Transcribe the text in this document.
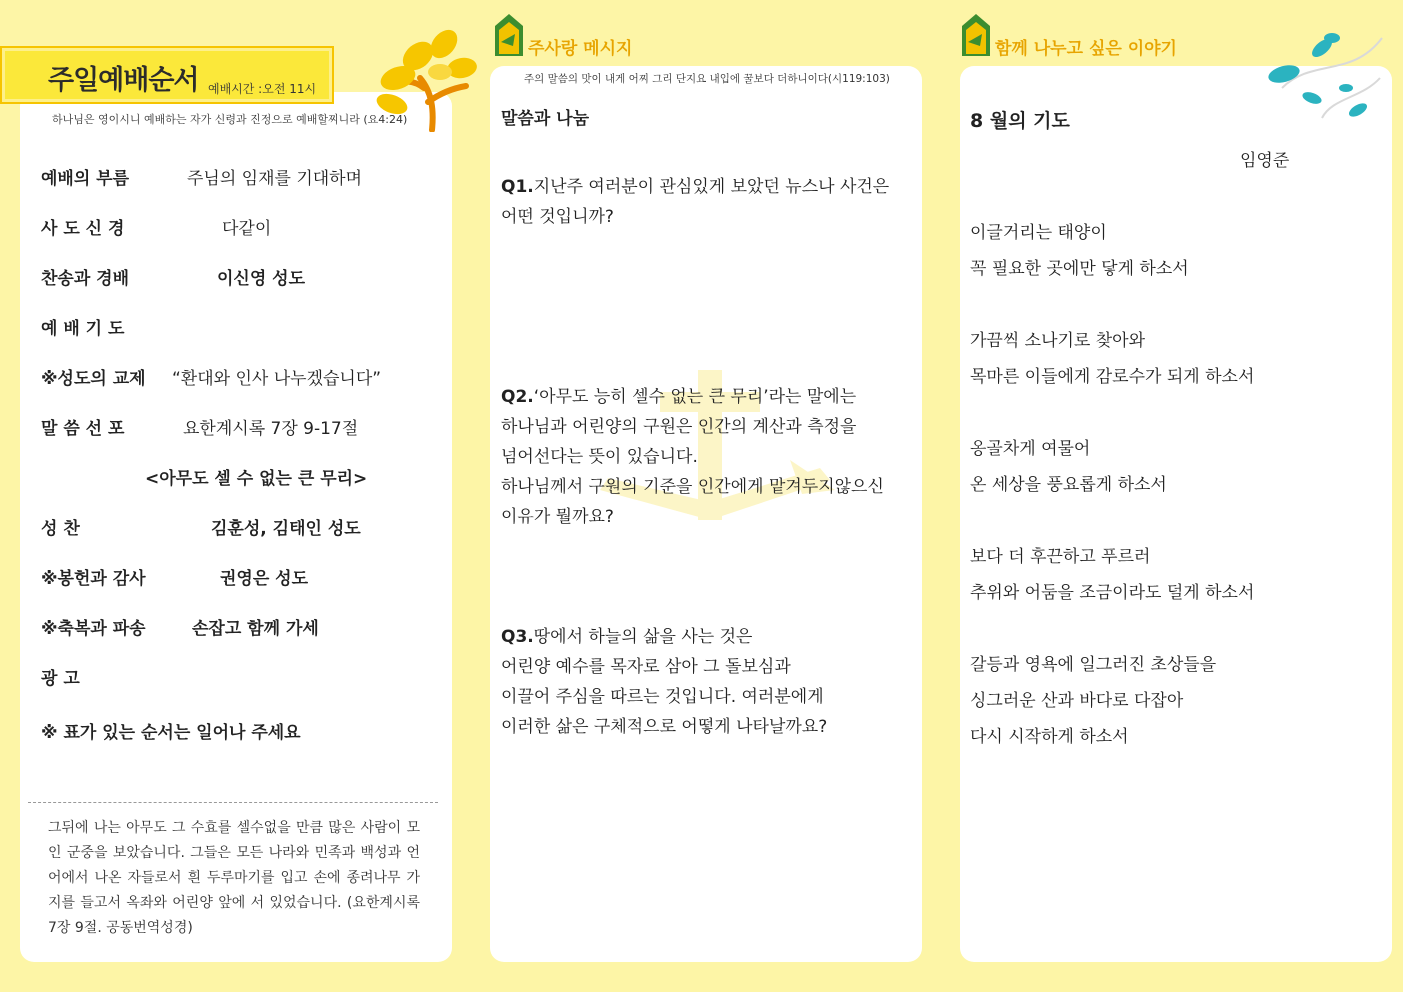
주일예배순서 예배시간 :오전 11시
하나님은 영이시니 예배하는 자가 신령과 진정으로 예배할찌니라 (요4:24)
예배의 부름	주님의 임재를 기대하며
사 도 신 경	다같이
찬송과 경배	이신영 성도
예 배 기 도
※성도의 교제 “환대와 인사 나누겠습니다”
말 씀 선 포	요한계시록 7장 9-17절
<아무도 셀 수 없는 큰 무리>
성 찬	김훈성, 김태인 성도
※봉헌과 감사	권영은 성도
※축복과 파송	손잡고 함께 가세
광 고
※ 표가 있는 순서는 일어나 주세요
그뒤에 나는 아무도 그 수효를 셀수없을 만큼 많은 사람이 모인 군중을 보았습니다. 그들은 모든 나라와 민족과 백성과 언어에서 나온 자들로서 흰 두루마기를 입고 손에 종려나무 가지를 들고서 옥좌와 어린양 앞에 서 있었습니다. (요한계시록 7장 9절. 공동번역성경)
주사랑 메시지
주의 말씀의 맛이 내게 어찌 그리 단지요 내입에 꿀보다 더하니이다(시119:103)
말씀과 나눔
Q1.지난주 여러분이 관심있게 보았던 뉴스나 사건은
어떤 것입니까?
Q2.‘아무도 능히 셀수 없는 큰 무리’라는 말에는
하나님과 어린양의 구원은 인간의 계산과 측정을
넘어선다는 뜻이 있습니다.
하나님께서 구원의 기준을 인간에게 맡겨두지않으신
이유가 뭘까요?
Q3.땅에서 하늘의 삶을 사는 것은
어린양 예수를 목자로 삼아 그 돌보심과
이끌어 주심을 따르는 것입니다. 여러분에게
이러한 삶은 구체적으로 어떻게 나타날까요?
함께 나누고 싶은 이야기
8 월의 기도
임영준
이글거리는 태양이
꼭 필요한 곳에만 닿게 하소서
가끔씩 소나기로 찾아와
목마른 이들에게 감로수가 되게 하소서
옹골차게 여물어
온 세상을 풍요롭게 하소서
보다 더 후끈하고 푸르러
추위와 어둠을 조금이라도 덜게 하소서
갈등과 영욕에 일그러진 초상들을
싱그러운 산과 바다로 다잡아
다시 시작하게 하소서
